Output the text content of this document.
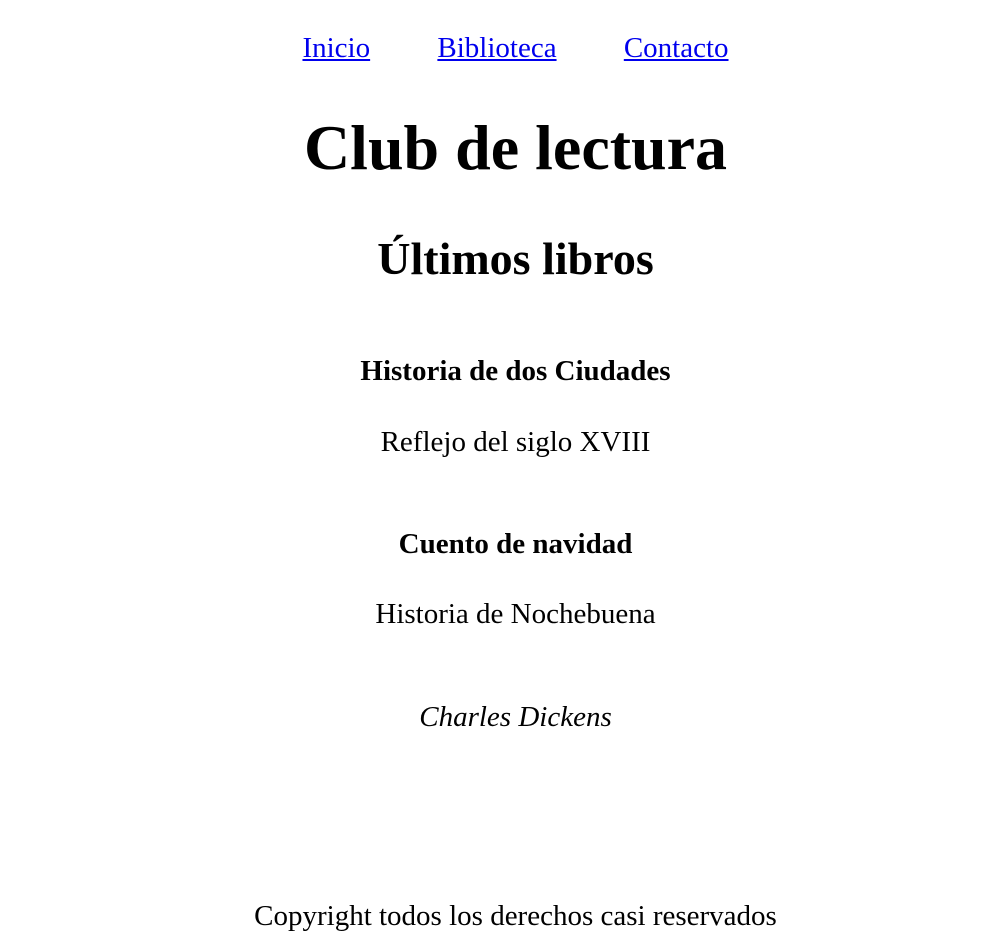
Inicio Biblioteca Contacto
Club de lectura
Últimos libros
Historia de dos Ciudades

Reflejo del siglo XVIII

Cuento de navidad

Historia de Nochebuena

Charles Dickens

Copyright todos los derechos casi reservados
